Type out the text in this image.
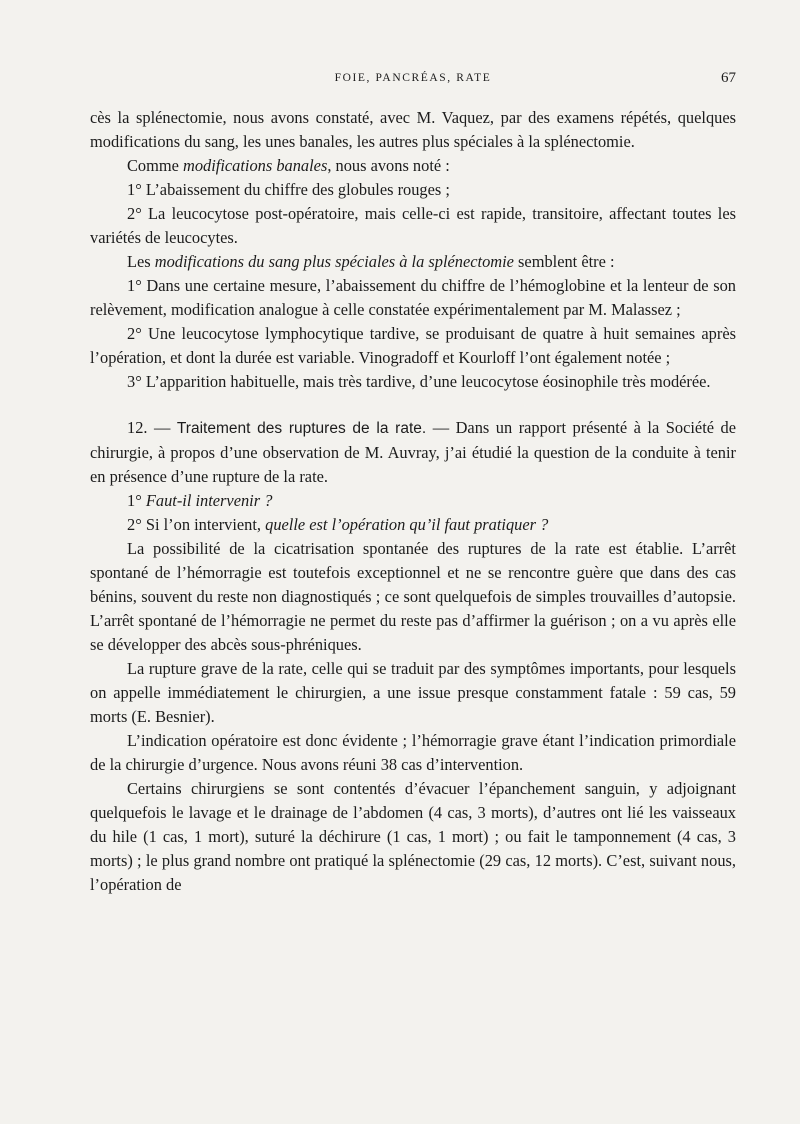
FOIE, PANCRÉAS, RATE	67

cès la splénectomie, nous avons constaté, avec M. Vaquez, par des examens répétés, quelques modifications du sang, les unes banales, les autres plus spéciales à la splénectomie.

Comme modifications banales, nous avons noté :

1° L’abaissement du chiffre des globules rouges ;

2° La leucocytose post-opératoire, mais celle-ci est rapide, transitoire, affectant toutes les variétés de leucocytes.

Les modifications du sang plus spéciales à la splénectomie semblent être :

1° Dans une certaine mesure, l’abaissement du chiffre de l’hémoglobine et la lenteur de son relèvement, modification analogue à celle constatée expérimentalement par M. Malassez ;

2° Une leucocytose lymphocytique tardive, se produisant de quatre à huit semaines après l’opération, et dont la durée est variable. Vinogradoff et Kourloff l’ont également notée ;

3° L’apparition habituelle, mais très tardive, d’une leucocytose éosinophile très modérée.

12. — Traitement des ruptures de la rate. — Dans un rapport présenté à la Société de chirurgie, à propos d’une observation de M. Auvray, j’ai étudié la question de la conduite à tenir en présence d’une rupture de la rate.

1° Faut-il intervenir ?

2° Si l’on intervient, quelle est l’opération qu’il faut pratiquer ?

La possibilité de la cicatrisation spontanée des ruptures de la rate est établie. L’arrêt spontané de l’hémorragie est toutefois exceptionnel et ne se rencontre guère que dans des cas bénins, souvent du reste non diagnostiqués ; ce sont quelquefois de simples trouvailles d’autopsie. L’arrêt spontané de l’hémorragie ne permet du reste pas d’affirmer la guérison ; on a vu après elle se développer des abcès sous-phréniques.

La rupture grave de la rate, celle qui se traduit par des symptômes importants, pour lesquels on appelle immédiatement le chirurgien, a une issue presque constamment fatale : 59 cas, 59 morts (E. Besnier).

L’indication opératoire est donc évidente ; l’hémorragie grave étant l’indication primordiale de la chirurgie d’urgence. Nous avons réuni 38 cas d’intervention.

Certains chirurgiens se sont contentés d’évacuer l’épanchement sanguin, y adjoignant quelquefois le lavage et le drainage de l’abdomen (4 cas, 3 morts), d’autres ont lié les vaisseaux du hile (1 cas, 1 mort), suturé la déchirure (1 cas, 1 mort) ; ou fait le tamponnement (4 cas, 3 morts) ; le plus grand nombre ont pratiqué la splénectomie (29 cas, 12 morts). C’est, suivant nous, l’opération de
